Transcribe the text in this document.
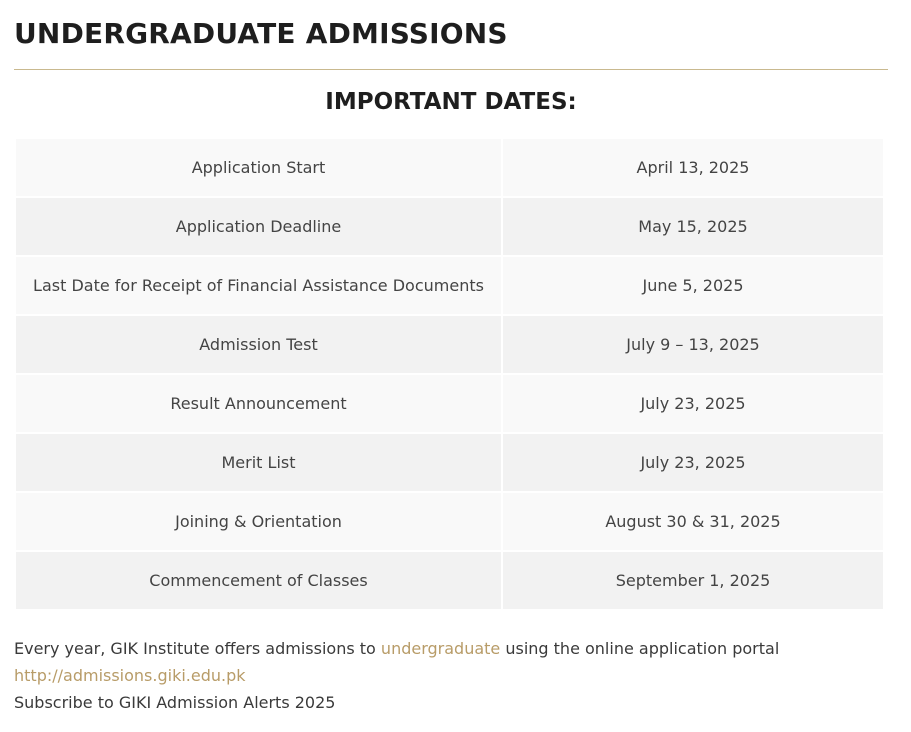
UNDERGRADUATE ADMISSIONS
IMPORTANT DATES:
Application Start	April 13, 2025
Application Deadline	May 15, 2025
Last Date for Receipt of Financial Assistance Documents	June 5, 2025
Admission Test	July 9 – 13, 2025
Result Announcement	July 23, 2025
Merit List	July 23, 2025
Joining & Orientation	August 30 & 31, 2025
Commencement of Classes	September 1, 2025
Every year, GIK Institute offers admissions to undergraduate using the online application portal
http://admissions.giki.edu.pk
Subscribe to GIKI Admission Alerts 2025
